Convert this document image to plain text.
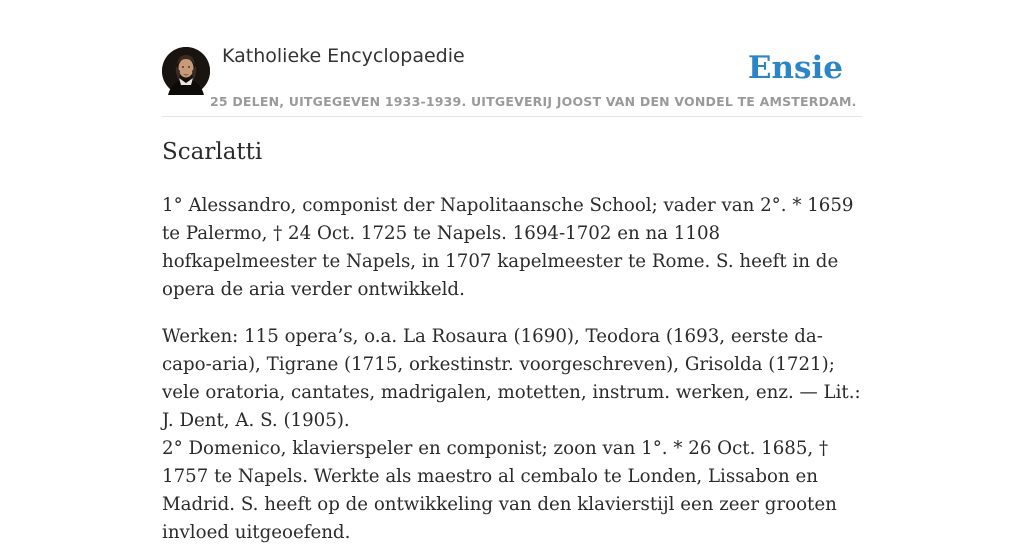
Katholieke Encyclopaedie	Ensie
25 DELEN, UITGEGEVEN 1933-1939. UITGEVERIJ JOOST VAN DEN VONDEL TE AMSTERDAM.
Scarlatti

1° Alessandro, componist der Napolitaansche School; vader van 2°. * 1659 te Palermo, † 24 Oct. 1725 te Napels. 1694-1702 en na 1108 hofkapelmeester te Napels, in 1707 kapelmeester te Rome. S. heeft in de opera de aria verder ontwikkeld.

Werken: 115 opera’s, o.a. La Rosaura (1690), Teodora (1693, eerste da-capo-aria), Tigrane (1715, orkestinstr. voorgeschreven), Grisolda (1721); vele oratoria, cantates, madrigalen, motetten, instrum. werken, enz. — Lit.: J. Dent, A. S. (1905).

2° Domenico, klavierspeler en componist; zoon van 1°. * 26 Oct. 1685, † 1757 te Napels. Werkte als maestro al cembalo te Londen, Lissabon en Madrid. S. heeft op de ontwikkeling van den klavierstijl een zeer grooten invloed uitgeoefend.
